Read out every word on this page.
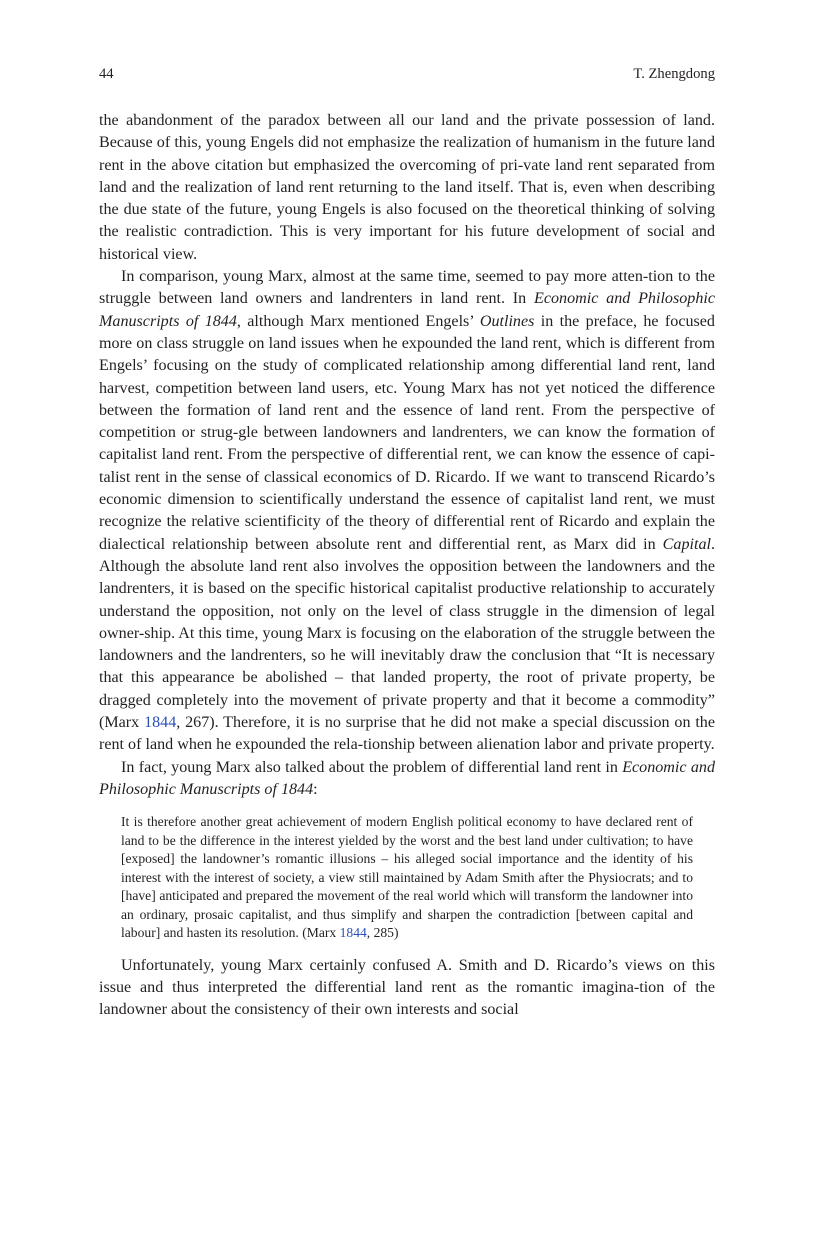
44	T. Zhengdong

the abandonment of the paradox between all our land and the private possession of land. Because of this, young Engels did not emphasize the realization of humanism in the future land rent in the above citation but emphasized the overcoming of pri-vate land rent separated from land and the realization of land rent returning to the land itself. That is, even when describing the due state of the future, young Engels is also focused on the theoretical thinking of solving the realistic contradiction. This is very important for his future development of social and historical view.

In comparison, young Marx, almost at the same time, seemed to pay more atten-tion to the struggle between land owners and landrenters in land rent. In Economic and Philosophic Manuscripts of 1844, although Marx mentioned Engels’ Outlines in the preface, he focused more on class struggle on land issues when he expounded the land rent, which is different from Engels’ focusing on the study of complicated relationship among differential land rent, land harvest, competition between land users, etc. Young Marx has not yet noticed the difference between the formation of land rent and the essence of land rent. From the perspective of competition or strug-gle between landowners and landrenters, we can know the formation of capitalist land rent. From the perspective of differential rent, we can know the essence of capi-talist rent in the sense of classical economics of D. Ricardo. If we want to transcend Ricardo’s economic dimension to scientifically understand the essence of capitalist land rent, we must recognize the relative scientificity of the theory of differential rent of Ricardo and explain the dialectical relationship between absolute rent and differential rent, as Marx did in Capital. Although the absolute land rent also involves the opposition between the landowners and the landrenters, it is based on the specific historical capitalist productive relationship to accurately understand the opposition, not only on the level of class struggle in the dimension of legal owner-ship. At this time, young Marx is focusing on the elaboration of the struggle between the landowners and the landrenters, so he will inevitably draw the conclusion that “It is necessary that this appearance be abolished – that landed property, the root of private property, be dragged completely into the movement of private property and that it become a commodity” (Marx 1844, 267). Therefore, it is no surprise that he did not make a special discussion on the rent of land when he expounded the rela-tionship between alienation labor and private property.

In fact, young Marx also talked about the problem of differential land rent in Economic and Philosophic Manuscripts of 1844:

It is therefore another great achievement of modern English political economy to have declared rent of land to be the difference in the interest yielded by the worst and the best land under cultivation; to have [exposed] the landowner’s romantic illusions – his alleged social importance and the identity of his interest with the interest of society, a view still maintained by Adam Smith after the Physiocrats; and to [have] anticipated and prepared the movement of the real world which will transform the landowner into an ordinary, prosaic capitalist, and thus simplify and sharpen the contradiction [between capital and labour] and hasten its resolution. (Marx 1844, 285)

Unfortunately, young Marx certainly confused A. Smith and D. Ricardo’s views on this issue and thus interpreted the differential land rent as the romantic imagina-tion of the landowner about the consistency of their own interests and social
